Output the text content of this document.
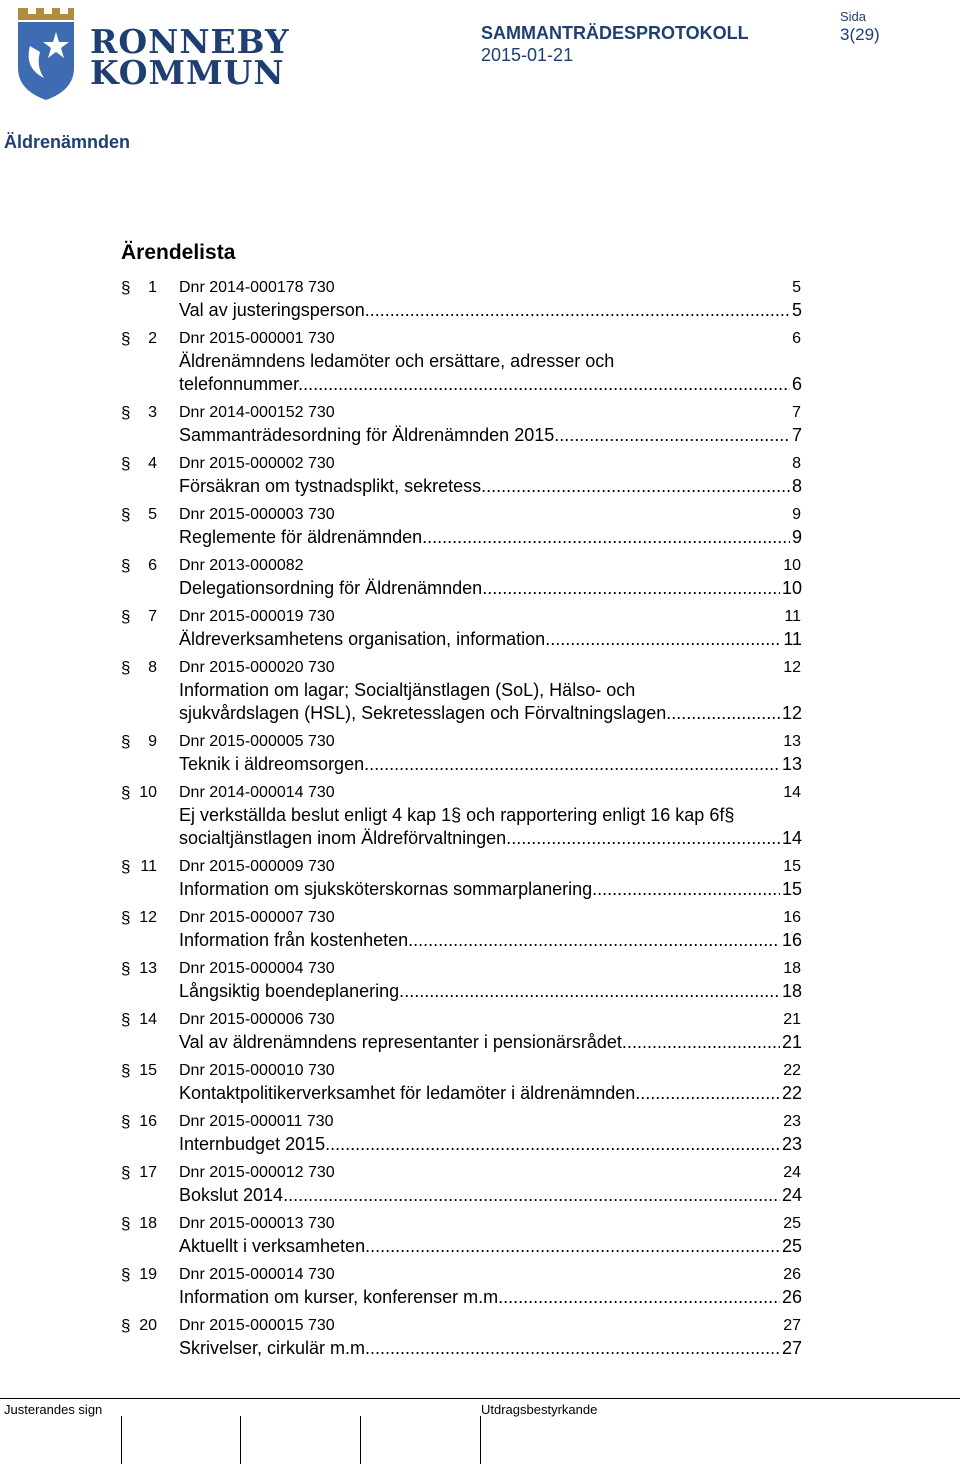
RONNEBY
KOMMUN
SAMMANTRÄDESPROTOKOLL
2015-01-21
Sida
3(29)
Äldrenämnden
Ärendelista
§	1 Dnr 2014-000178 730	5
Val av justeringsperson. .....	5
§	2 Dnr 2015-000001 730	6
Äldrenämndens ledamöter och ersättare, adresser och
telefonnummer. .....	6
§	3 Dnr 2014-000152 730	7
Sammanträdesordning för Äldrenämnden 2015. .....	7
§	4 Dnr 2015-000002 730	8
Försäkran om tystnadsplikt, sekretess. .....	8
§	5 Dnr 2015-000003 730	9
Reglemente för äldrenämnden. .....	9
§	6 Dnr 2013-000082	10
Delegationsordning för Äldrenämnden. .....	10
§	7 Dnr 2015-000019 730	11
Äldreverksamhetens organisation, information. .....	11
§	8 Dnr 2015-000020 730	12
Information om lagar; Socialtjänstlagen (SoL), Hälso- och
sjukvårdslagen (HSL), Sekretesslagen och Förvaltningslagen. .....	12
§	9 Dnr 2015-000005 730	13
Teknik i äldreomsorgen. .....	13
§ 10 Dnr 2014-000014 730	14
Ej verkställda beslut enligt 4 kap 1§ och rapportering enligt 16 kap 6f§
socialtjänstlagen inom Äldreförvaltningen. .....	14
§ 11 Dnr 2015-000009 730	15
Information om sjuksköterskornas sommarplanering. .....	15
§ 12 Dnr 2015-000007 730	16
Information från kostenheten. .....	16
§ 13 Dnr 2015-000004 730	18
Långsiktig boendeplanering. .....	18
§ 14 Dnr 2015-000006 730	21
Val av äldrenämndens representanter i pensionärsrådet. .....	21
§ 15 Dnr 2015-000010 730	22
Kontaktpolitikerverksamhet för ledamöter i äldrenämnden. .....	22
§ 16 Dnr 2015-000011 730	23
Internbudget 2015. .....	23
§ 17 Dnr 2015-000012 730	24
Bokslut 2014. .....	24
§ 18 Dnr 2015-000013 730	25
Aktuellt i verksamheten. .....	25
§ 19 Dnr 2015-000014 730	26
Information om kurser, konferenser m.m. .....	26
§ 20 Dnr 2015-000015 730	27
Skrivelser, cirkulär m.m. .....	27
Justerandes sign	Utdragsbestyrkande
